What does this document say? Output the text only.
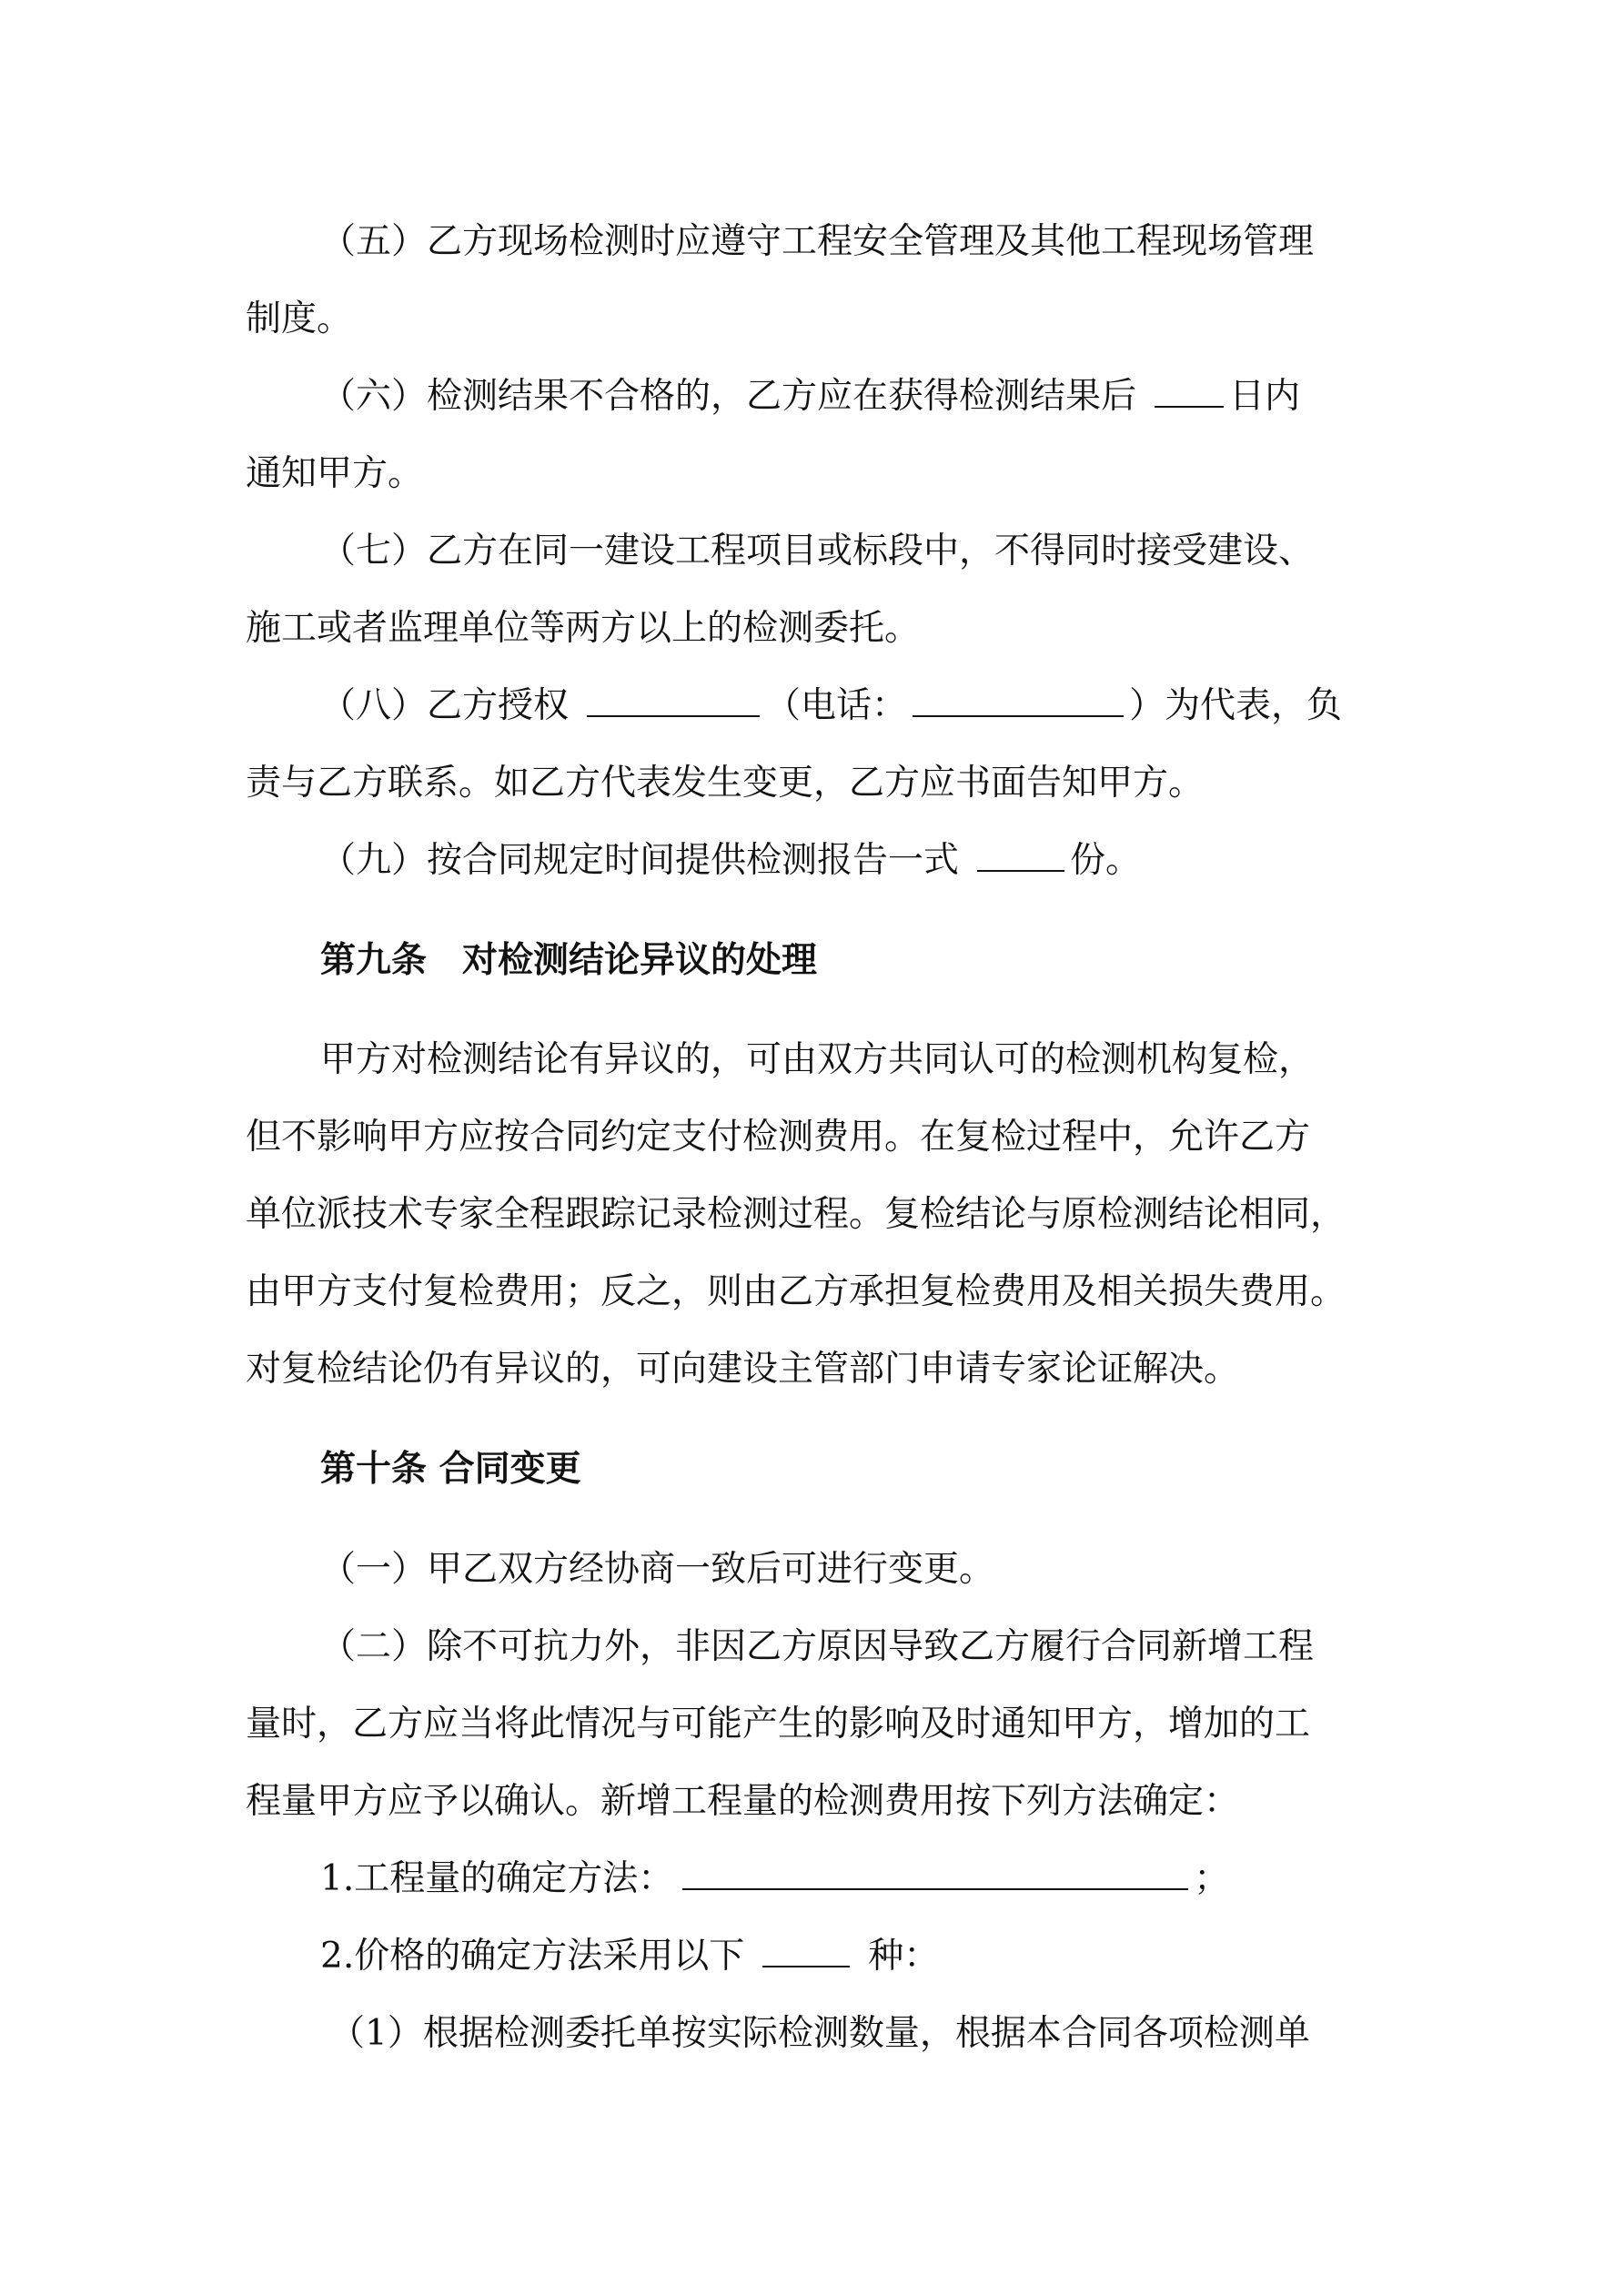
（五）乙方现场检测时应遵守工程安全管理及其他工程现场管理
制度。
（六）检测结果不合格的，乙方应在获得检测结果后	日内
通知甲方。
（七）乙方在同一建设工程项目或标段中，不得同时接受建设、
施工或者监理单位等两方以上的检测委托。
（八）乙方授权	（电话：	）为代表，负
责与乙方联系。如乙方代表发生变更，乙方应书面告知甲方。
（九）按合同规定时间提供检测报告一式	份。
第九条　对检测结论异议的处理
甲方对检测结论有异议的，可由双方共同认可的检测机构复检，
但不影响甲方应按合同约定支付检测费用。在复检过程中，允许乙方
单位派技术专家全程跟踪记录检测过程。复检结论与原检测结论相同，
由甲方支付复检费用；反之，则由乙方承担复检费用及相关损失费用。
对复检结论仍有异议的，可向建设主管部门申请专家论证解决。
第十条 合同变更
（一）甲乙双方经协商一致后可进行变更。
（二）除不可抗力外，非因乙方原因导致乙方履行合同新增工程
量时，乙方应当将此情况与可能产生的影响及时通知甲方，增加的工
程量甲方应予以确认。新增工程量的检测费用按下列方法确定：
1.工程量的确定方法：	；
2.价格的确定方法采用以下	种：
（1）根据检测委托单按实际检测数量，根据本合同各项检测单
